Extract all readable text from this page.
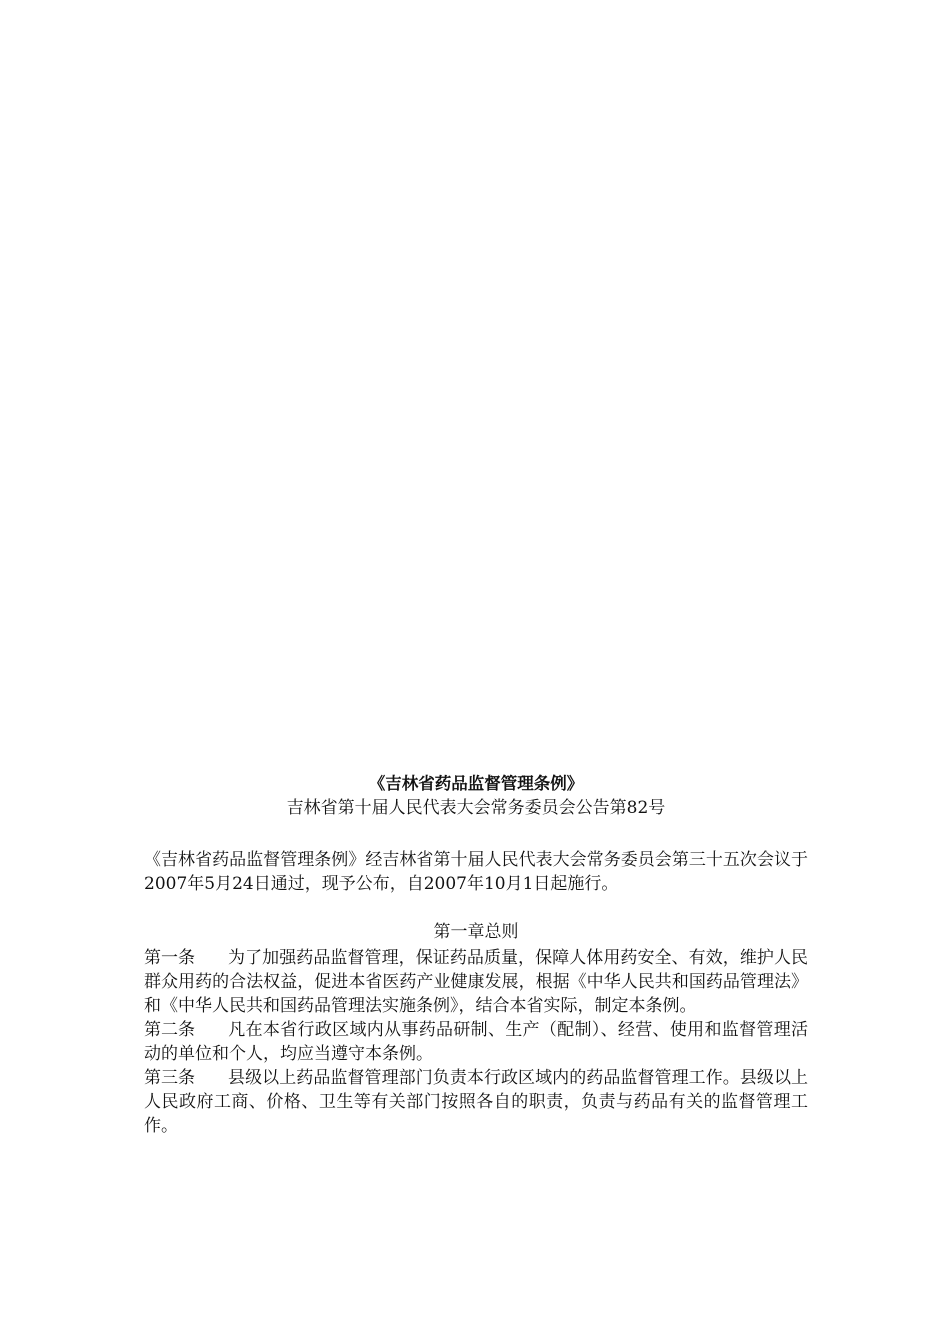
《吉林省药品监督管理条例》
吉林省第十届人民代表大会常务委员会公告第82号

《吉林省药品监督管理条例》经吉林省第十届人民代表大会常务委员会第三十五次会议于2007年5月24日通过，现予公布，自2007年10月1日起施行。

第一章总则

第一条 为了加强药品监督管理，保证药品质量，保障人体用药安全、有效，维护人民群众用药的合法权益，促进本省医药产业健康发展，根据《中华人民共和国药品管理法》和《中华人民共和国药品管理法实施条例》，结合本省实际，制定本条例。

第二条 凡在本省行政区域内从事药品研制、生产（配制）、经营、使用和监督管理活动的单位和个人，均应当遵守本条例。

第三条 县级以上药品监督管理部门负责本行政区域内的药品监督管理工作。县级以上人民政府工商、价格、卫生等有关部门按照各自的职责，负责与药品有关的监督管理工作。
